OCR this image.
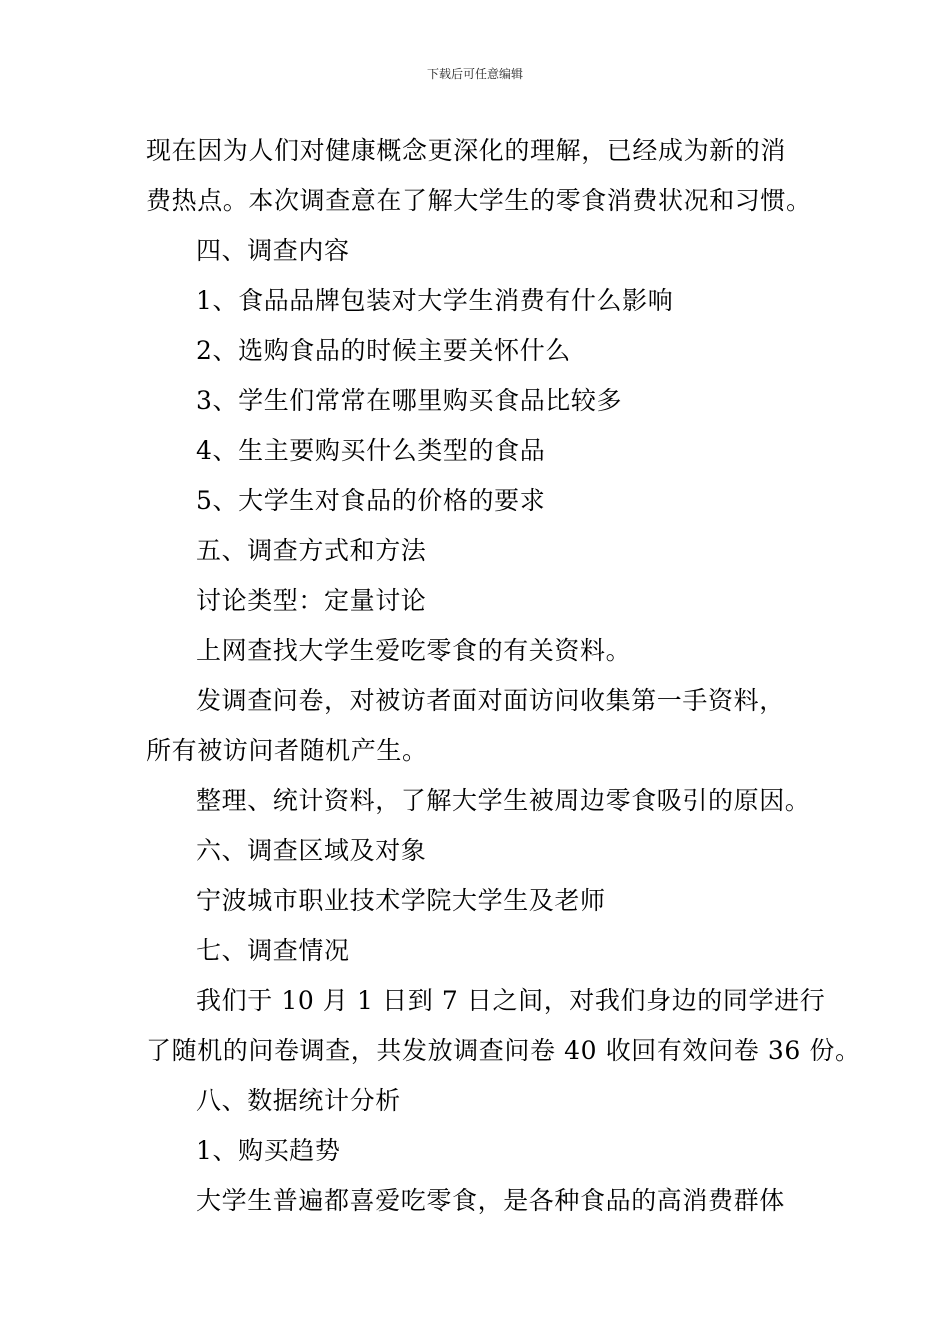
下载后可任意编辑
现在因为人们对健康概念更深化的理解，已经成为新的消
费热点。本次调查意在了解大学生的零食消费状况和习惯。
四、调查内容
1、食品品牌包装对大学生消费有什么影响
2、选购食品的时候主要关怀什么
3、学生们常常在哪里购买食品比较多
4、生主要购买什么类型的食品
5、大学生对食品的价格的要求
五、调查方式和方法
讨论类型：定量讨论
上网查找大学生爱吃零食的有关资料。
发调查问卷，对被访者面对面访问收集第一手资料，
所有被访问者随机产生。
整理、统计资料，了解大学生被周边零食吸引的原因。
六、调查区域及对象
宁波城市职业技术学院大学生及老师
七、调查情况
我们于 10 月 1 日到 7 日之间，对我们身边的同学进行
了随机的问卷调查，共发放调查问卷 40 收回有效问卷 36 份。
八、数据统计分析
1、购买趋势
大学生普遍都喜爱吃零食，是各种食品的高消费群体
